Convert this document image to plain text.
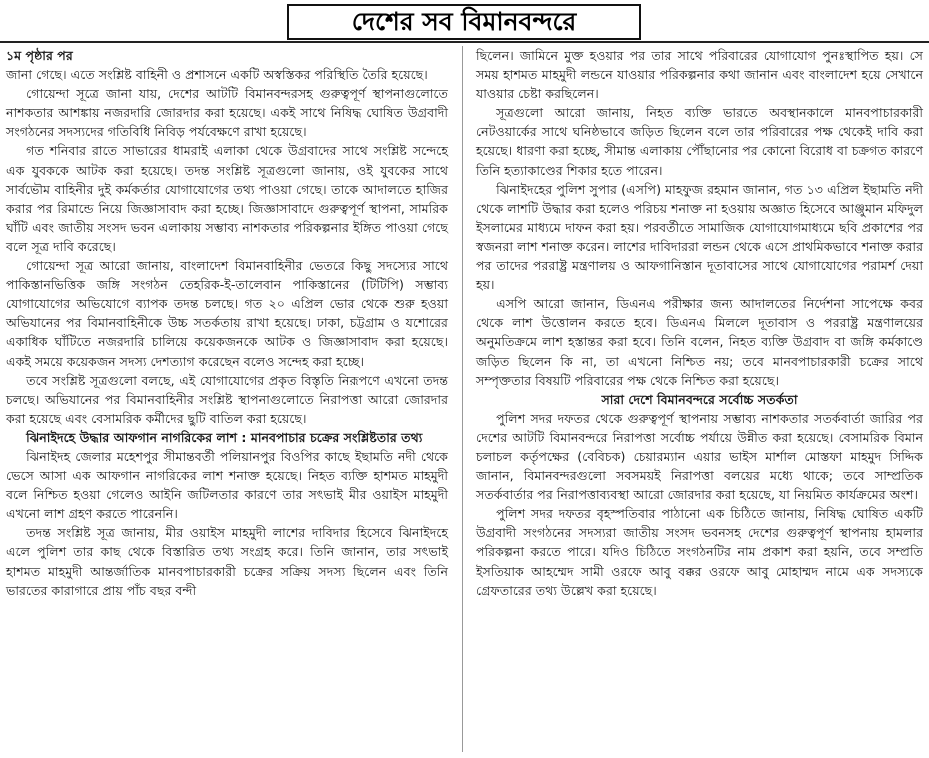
দেশের সব বিমানবন্দরে

১ম পৃষ্ঠার পর

জানা গেছে। এতে সংশ্লিষ্ট বাহিনী ও প্রশাসনে একটি অস্বস্তিকর পরিস্থিতি তৈরি হয়েছে।

গোয়েন্দা সূত্রে জানা যায়, দেশের আটটি বিমানবন্দরসহ গুরুত্বপূর্ণ স্থাপনাগুলোতে নাশকতার আশঙ্কায় নজরদারি জোরদার করা হয়েছে। একই সাথে নিষিদ্ধ ঘোষিত উগ্রবাদী সংগঠনের সদস্যদের গতিবিধি নিবিড় পর্যবেক্ষণে রাখা হয়েছে।

গত শনিবার রাতে সাভারের ধামরাই এলাকা থেকে উগ্রবাদের সাথে সংশ্লিষ্ট সন্দেহে এক যুবককে আটক করা হয়েছে। তদন্ত সংশ্লিষ্ট সূত্রগুলো জানায়, ওই যুবকের সাথে সার্বভৌম বাহিনীর দুই কর্মকর্তার যোগাযোগের তথ্য পাওয়া গেছে। তাকে আদালতে হাজির করার পর রিমান্ডে নিয়ে জিজ্ঞাসাবাদ করা হচ্ছে। জিজ্ঞাসাবাদে গুরুত্বপূর্ণ স্থাপনা, সামরিক ঘাঁটি এবং জাতীয় সংসদ ভবন এলাকায় সম্ভাব্য নাশকতার পরিকল্পনার ইঙ্গিত পাওয়া গেছে বলে সূত্র দাবি করেছে।

গোয়েন্দা সূত্র আরো জানায়, বাংলাদেশ বিমানবাহিনীর ভেতরে কিছু সদস্যের সাথে পাকিস্তানভিত্তিক জঙ্গি সংগঠন তেহরিক-ই-তালেবান পাকিস্তানের (টিটিপি) সম্ভাব্য যোগাযোগের অভিযোগে ব্যাপক তদন্ত চলছে। গত ২০ এপ্রিল ভোর থেকে শুরু হওয়া অভিযানের পর বিমানবাহিনীকে উচ্চ সতর্কতায় রাখা হয়েছে। ঢাকা, চট্টগ্রাম ও যশোরের একাধিক ঘাঁটিতে নজরদারি চালিয়ে কয়েকজনকে আটক ও জিজ্ঞাসাবাদ করা হয়েছে। একই সময়ে কয়েকজন সদস্য দেশত্যাগ করেছেন বলেও সন্দেহ করা হচ্ছে।

তবে সংশ্লিষ্ট সূত্রগুলো বলছে, এই যোগাযোগের প্রকৃত বিস্তৃতি নিরূপণে এখনো তদন্ত চলছে। অভিযানের পর বিমানবাহিনীর সংশ্লিষ্ট স্থাপনাগুলোতে নিরাপত্তা আরো জোরদার করা হয়েছে এবং বেসামরিক কর্মীদের ছুটি বাতিল করা হয়েছে।

ঝিনাইদহে উদ্ধার আফগান নাগরিকের লাশ : মানবপাচার চক্রের সংশ্লিষ্টতার তথ্য

ঝিনাইদহ জেলার মহেশপুর সীমান্তবর্তী পলিয়ানপুর বিওপির কাছে ইছামতি নদী থেকে ভেসে আসা এক আফগান নাগরিকের লাশ শনাক্ত হয়েছে। নিহত ব্যক্তি হাশমত মাহমুদী বলে নিশ্চিত হওয়া গেলেও আইনি জটিলতার কারণে তার সৎভাই মীর ওয়াইস মাহমুদী এখনো লাশ গ্রহণ করতে পারেননি।

তদন্ত সংশ্লিষ্ট সূত্র জানায়, মীর ওয়াইস মাহমুদী লাশের দাবিদার হিসেবে ঝিনাইদহে এলে পুলিশ তার কাছ থেকে বিস্তারিত তথ্য সংগ্রহ করে। তিনি জানান, তার সৎভাই হাশমত মাহমুদী আন্তর্জাতিক মানবপাচারকারী চক্রের সক্রিয় সদস্য ছিলেন এবং তিনি ভারতের কারাগারে প্রায় পাঁচ বছর বন্দী

ছিলেন। জামিনে মুক্ত হওয়ার পর তার সাথে পরিবারের যোগাযোগ পুনঃস্থাপিত হয়। সে সময় হাশমত মাহমুদী লন্ডনে যাওয়ার পরিকল্পনার কথা জানান এবং বাংলাদেশ হয়ে সেখানে যাওয়ার চেষ্টা করছিলেন।

সূত্রগুলো আরো জানায়, নিহত ব্যক্তি ভারতে অবস্থানকালে মানবপাচারকারী নেটওয়ার্কের সাথে ঘনিষ্ঠভাবে জড়িত ছিলেন বলে তার পরিবারের পক্ষ থেকেই দাবি করা হয়েছে। ধারণা করা হচ্ছে, সীমান্ত এলাকায় পৌঁছানোর পর কোনো বিরোধ বা চক্রগত কারণে তিনি হত্যাকাণ্ডের শিকার হতে পারেন।

ঝিনাইদহের পুলিশ সুপার (এসপি) মাহফুজ রহমান জানান, গত ১৩ এপ্রিল ইছামতি নদী থেকে লাশটি উদ্ধার করা হলেও পরিচয় শনাক্ত না হওয়ায় অজ্ঞাত হিসেবে আঞ্জুমান মফিদুল ইসলামের মাধ্যমে দাফন করা হয়। পরবর্তীতে সামাজিক যোগাযোগমাধ্যমে ছবি প্রকাশের পর স্বজনরা লাশ শনাক্ত করেন। লাশের দাবিদাররা লন্ডন থেকে এসে প্রাথমিকভাবে শনাক্ত করার পর তাদের পররাষ্ট্র মন্ত্রণালয় ও আফগানিস্তান দূতাবাসের সাথে যোগাযোগের পরামর্শ দেয়া হয়।

এসপি আরো জানান, ডিএনএ পরীক্ষার জন্য আদালতের নির্দেশনা সাপেক্ষে কবর থেকে লাশ উত্তোলন করতে হবে। ডিএনএ মিললে দূতাবাস ও পররাষ্ট্র মন্ত্রণালয়ের অনুমতিক্রমে লাশ হস্তান্তর করা হবে। তিনি বলেন, নিহত ব্যক্তি উগ্রবাদ বা জঙ্গি কর্মকাণ্ডে জড়িত ছিলেন কি না, তা এখনো নিশ্চিত নয়; তবে মানবপাচারকারী চক্রের সাথে সম্পৃক্ততার বিষয়টি পরিবারের পক্ষ থেকে নিশ্চিত করা হয়েছে।

সারা দেশে বিমানবন্দরে সর্বোচ্চ সতর্কতা

পুলিশ সদর দফতর থেকে গুরুত্বপূর্ণ স্থাপনায় সম্ভাব্য নাশকতার সতর্কবার্তা জারির পর দেশের আটটি বিমানবন্দরে নিরাপত্তা সর্বোচ্চ পর্যায়ে উন্নীত করা হয়েছে। বেসামরিক বিমান চলাচল কর্তৃপক্ষের (বেবিচক) চেয়ারম্যান এয়ার ভাইস মার্শাল মোস্তফা মাহমুদ সিদ্দিক জানান, বিমানবন্দরগুলো সবসময়ই নিরাপত্তা বলয়ের মধ্যে থাকে; তবে সাম্প্রতিক সতর্কবার্তার পর নিরাপত্তাব্যবস্থা আরো জোরদার করা হয়েছে, যা নিয়মিত কার্যক্রমের অংশ।

পুলিশ সদর দফতর বৃহস্পতিবার পাঠানো এক চিঠিতে জানায়, নিষিদ্ধ ঘোষিত একটি উগ্রবাদী সংগঠনের সদস্যরা জাতীয় সংসদ ভবনসহ দেশের গুরুত্বপূর্ণ স্থাপনায় হামলার পরিকল্পনা করতে পারে। যদিও চিঠিতে সংগঠনটির নাম প্রকাশ করা হয়নি, তবে সম্প্রতি ইসতিয়াক আহম্মেদ সামী ওরফে আবু বক্কর ওরফে আবু মোহাম্মদ নামে এক সদস্যকে গ্রেফতারের তথ্য উল্লেখ করা হয়েছে।
